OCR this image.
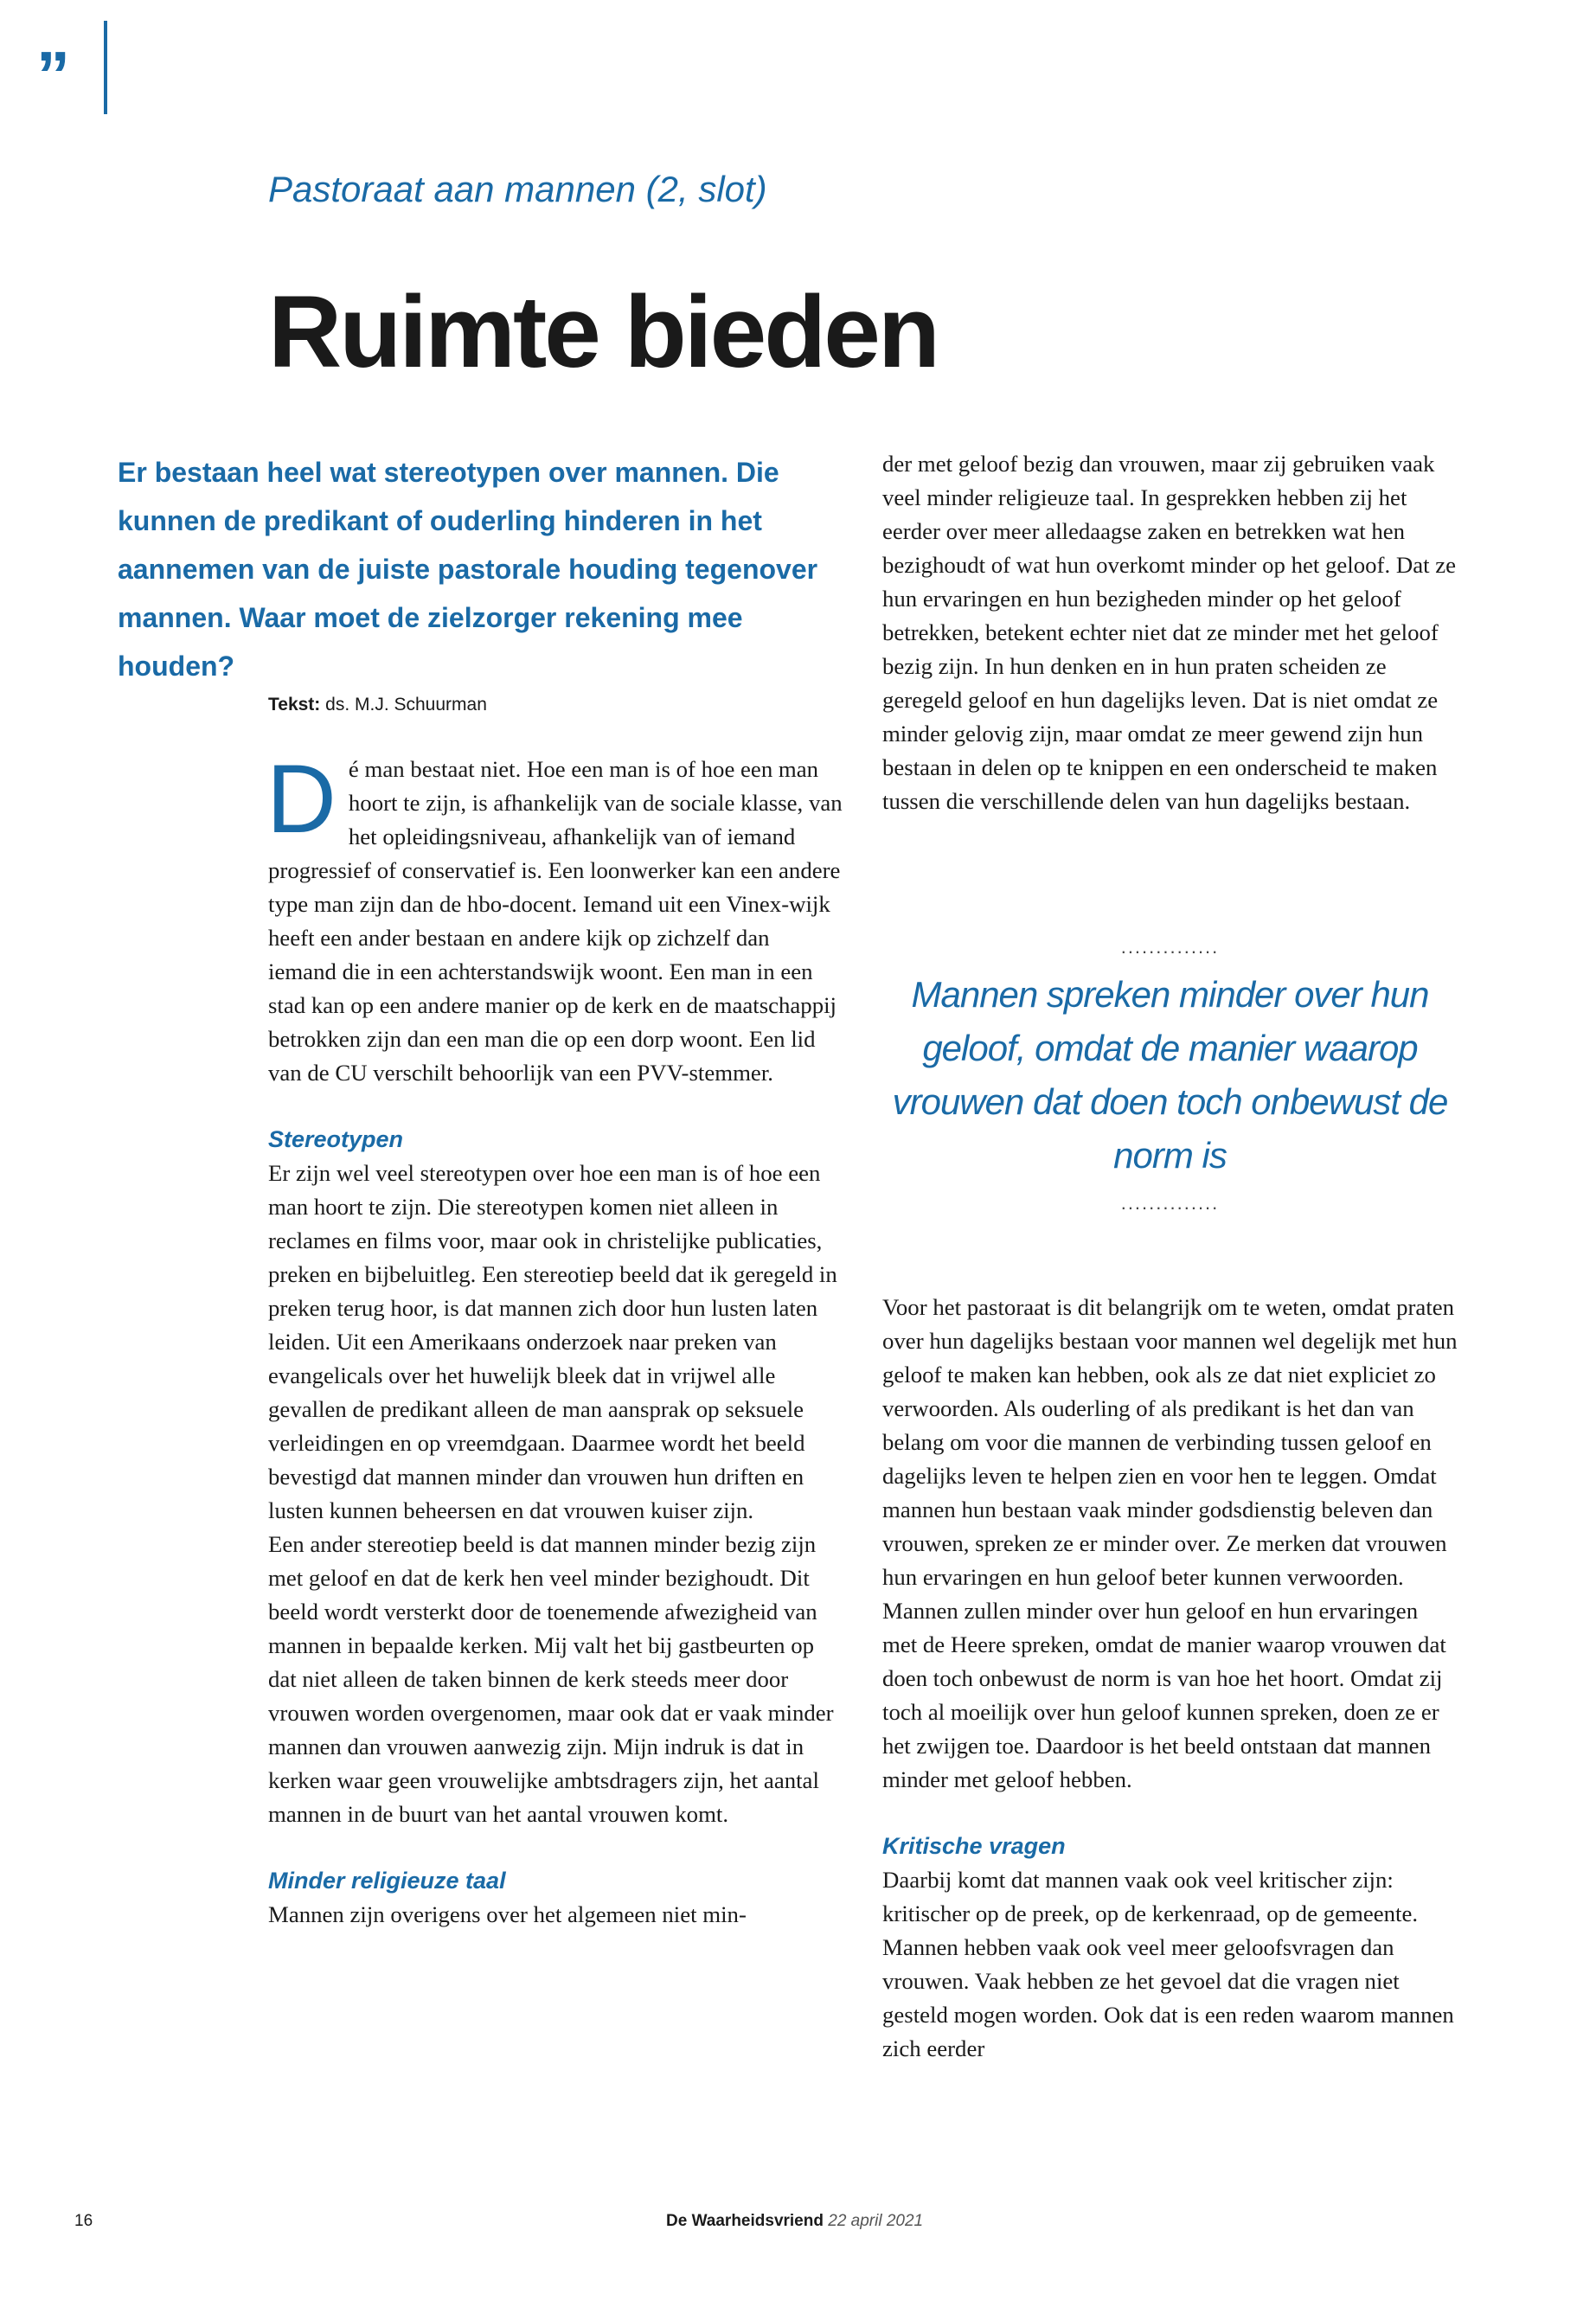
”

Pastoraat aan mannen (2, slot)
Ruimte bieden

Er bestaan heel wat stereotypen over mannen. Die kunnen de predikant of ouderling hinderen in het aannemen van de juiste pastorale houding tegenover mannen. Waar moet de zielzorger rekening mee houden?

Tekst: ds. M.J. Schuurman

Dé man bestaat niet. Hoe een man is of hoe een man hoort te zijn, is afhankelijk van de sociale klasse, van het opleidingsniveau, afhankelijk van of iemand progressief of conservatief is. Een loonwerker kan een andere type man zijn dan de hbo-docent. Iemand uit een Vinex-wijk heeft een ander bestaan en andere kijk op zichzelf dan iemand die in een achterstandswijk woont. Een man in een stad kan op een andere manier op de kerk en de maatschappij betrokken zijn dan een man die op een dorp woont. Een lid van de CU verschilt behoorlijk van een PVV-stemmer.

Stereotypen

Er zijn wel veel stereotypen over hoe een man is of hoe een man hoort te zijn. Die stereotypen komen niet alleen in reclames en films voor, maar ook in christelijke publicaties, preken en bijbeluitleg. Een stereotiep beeld dat ik geregeld in preken terug hoor, is dat mannen zich door hun lusten laten leiden. Uit een Amerikaans onderzoek naar preken van evangelicals over het huwelijk bleek dat in vrijwel alle gevallen de predikant alleen de man aansprak op seksuele verleidingen en op vreemdgaan. Daarmee wordt het beeld bevestigd dat mannen minder dan vrouwen hun driften en lusten kunnen beheersen en dat vrouwen kuiser zijn.

Een ander stereotiep beeld is dat mannen minder bezig zijn met geloof en dat de kerk hen veel minder bezighoudt. Dit beeld wordt versterkt door de toenemende afwezigheid van mannen in bepaalde kerken. Mij valt het bij gastbeurten op dat niet alleen de taken binnen de kerk steeds meer door vrouwen worden overgenomen, maar ook dat er vaak minder mannen dan vrouwen aanwezig zijn. Mijn indruk is dat in kerken waar geen vrouwelijke ambtsdragers zijn, het aantal mannen in de buurt van het aantal vrouwen komt.

Minder religieuze taal

Mannen zijn overigens over het algemeen niet min-

der met geloof bezig dan vrouwen, maar zij gebruiken vaak veel minder religieuze taal. In gesprekken hebben zij het eerder over meer alledaagse zaken en betrekken wat hen bezighoudt of wat hun overkomt minder op het geloof. Dat ze hun ervaringen en hun bezigheden minder op het geloof betrekken, betekent echter niet dat ze minder met het geloof bezig zijn. In hun denken en in hun praten scheiden ze geregeld geloof en hun dagelijks leven. Dat is niet omdat ze minder gelovig zijn, maar omdat ze meer gewend zijn hun bestaan in delen op te knippen en een onderscheid te maken tussen die verschillende delen van hun dagelijks bestaan.

..............

Mannen spreken minder over hun geloof, omdat de manier waarop vrouwen dat doen toch onbewust de norm is

..............

Voor het pastoraat is dit belangrijk om te weten, omdat praten over hun dagelijks bestaan voor mannen wel degelijk met hun geloof te maken kan hebben, ook als ze dat niet expliciet zo verwoorden. Als ouderling of als predikant is het dan van belang om voor die mannen de verbinding tussen geloof en dagelijks leven te helpen zien en voor hen te leggen. Omdat mannen hun bestaan vaak minder godsdienstig beleven dan vrouwen, spreken ze er minder over. Ze merken dat vrouwen hun ervaringen en hun geloof beter kunnen verwoorden. Mannen zullen minder over hun geloof en hun ervaringen met de Heere spreken, omdat de manier waarop vrouwen dat doen toch onbewust de norm is van hoe het hoort. Omdat zij toch al moeilijk over hun geloof kunnen spreken, doen ze er het zwijgen toe. Daardoor is het beeld ontstaan dat mannen minder met geloof hebben.

Kritische vragen

Daarbij komt dat mannen vaak ook veel kritischer zijn: kritischer op de preek, op de kerkenraad, op de gemeente. Mannen hebben vaak ook veel meer geloofsvragen dan vrouwen. Vaak hebben ze het gevoel dat die vragen niet gesteld mogen worden. Ook dat is een reden waarom mannen zich eerder

16	De Waarheidsvriend 22 april 2021
